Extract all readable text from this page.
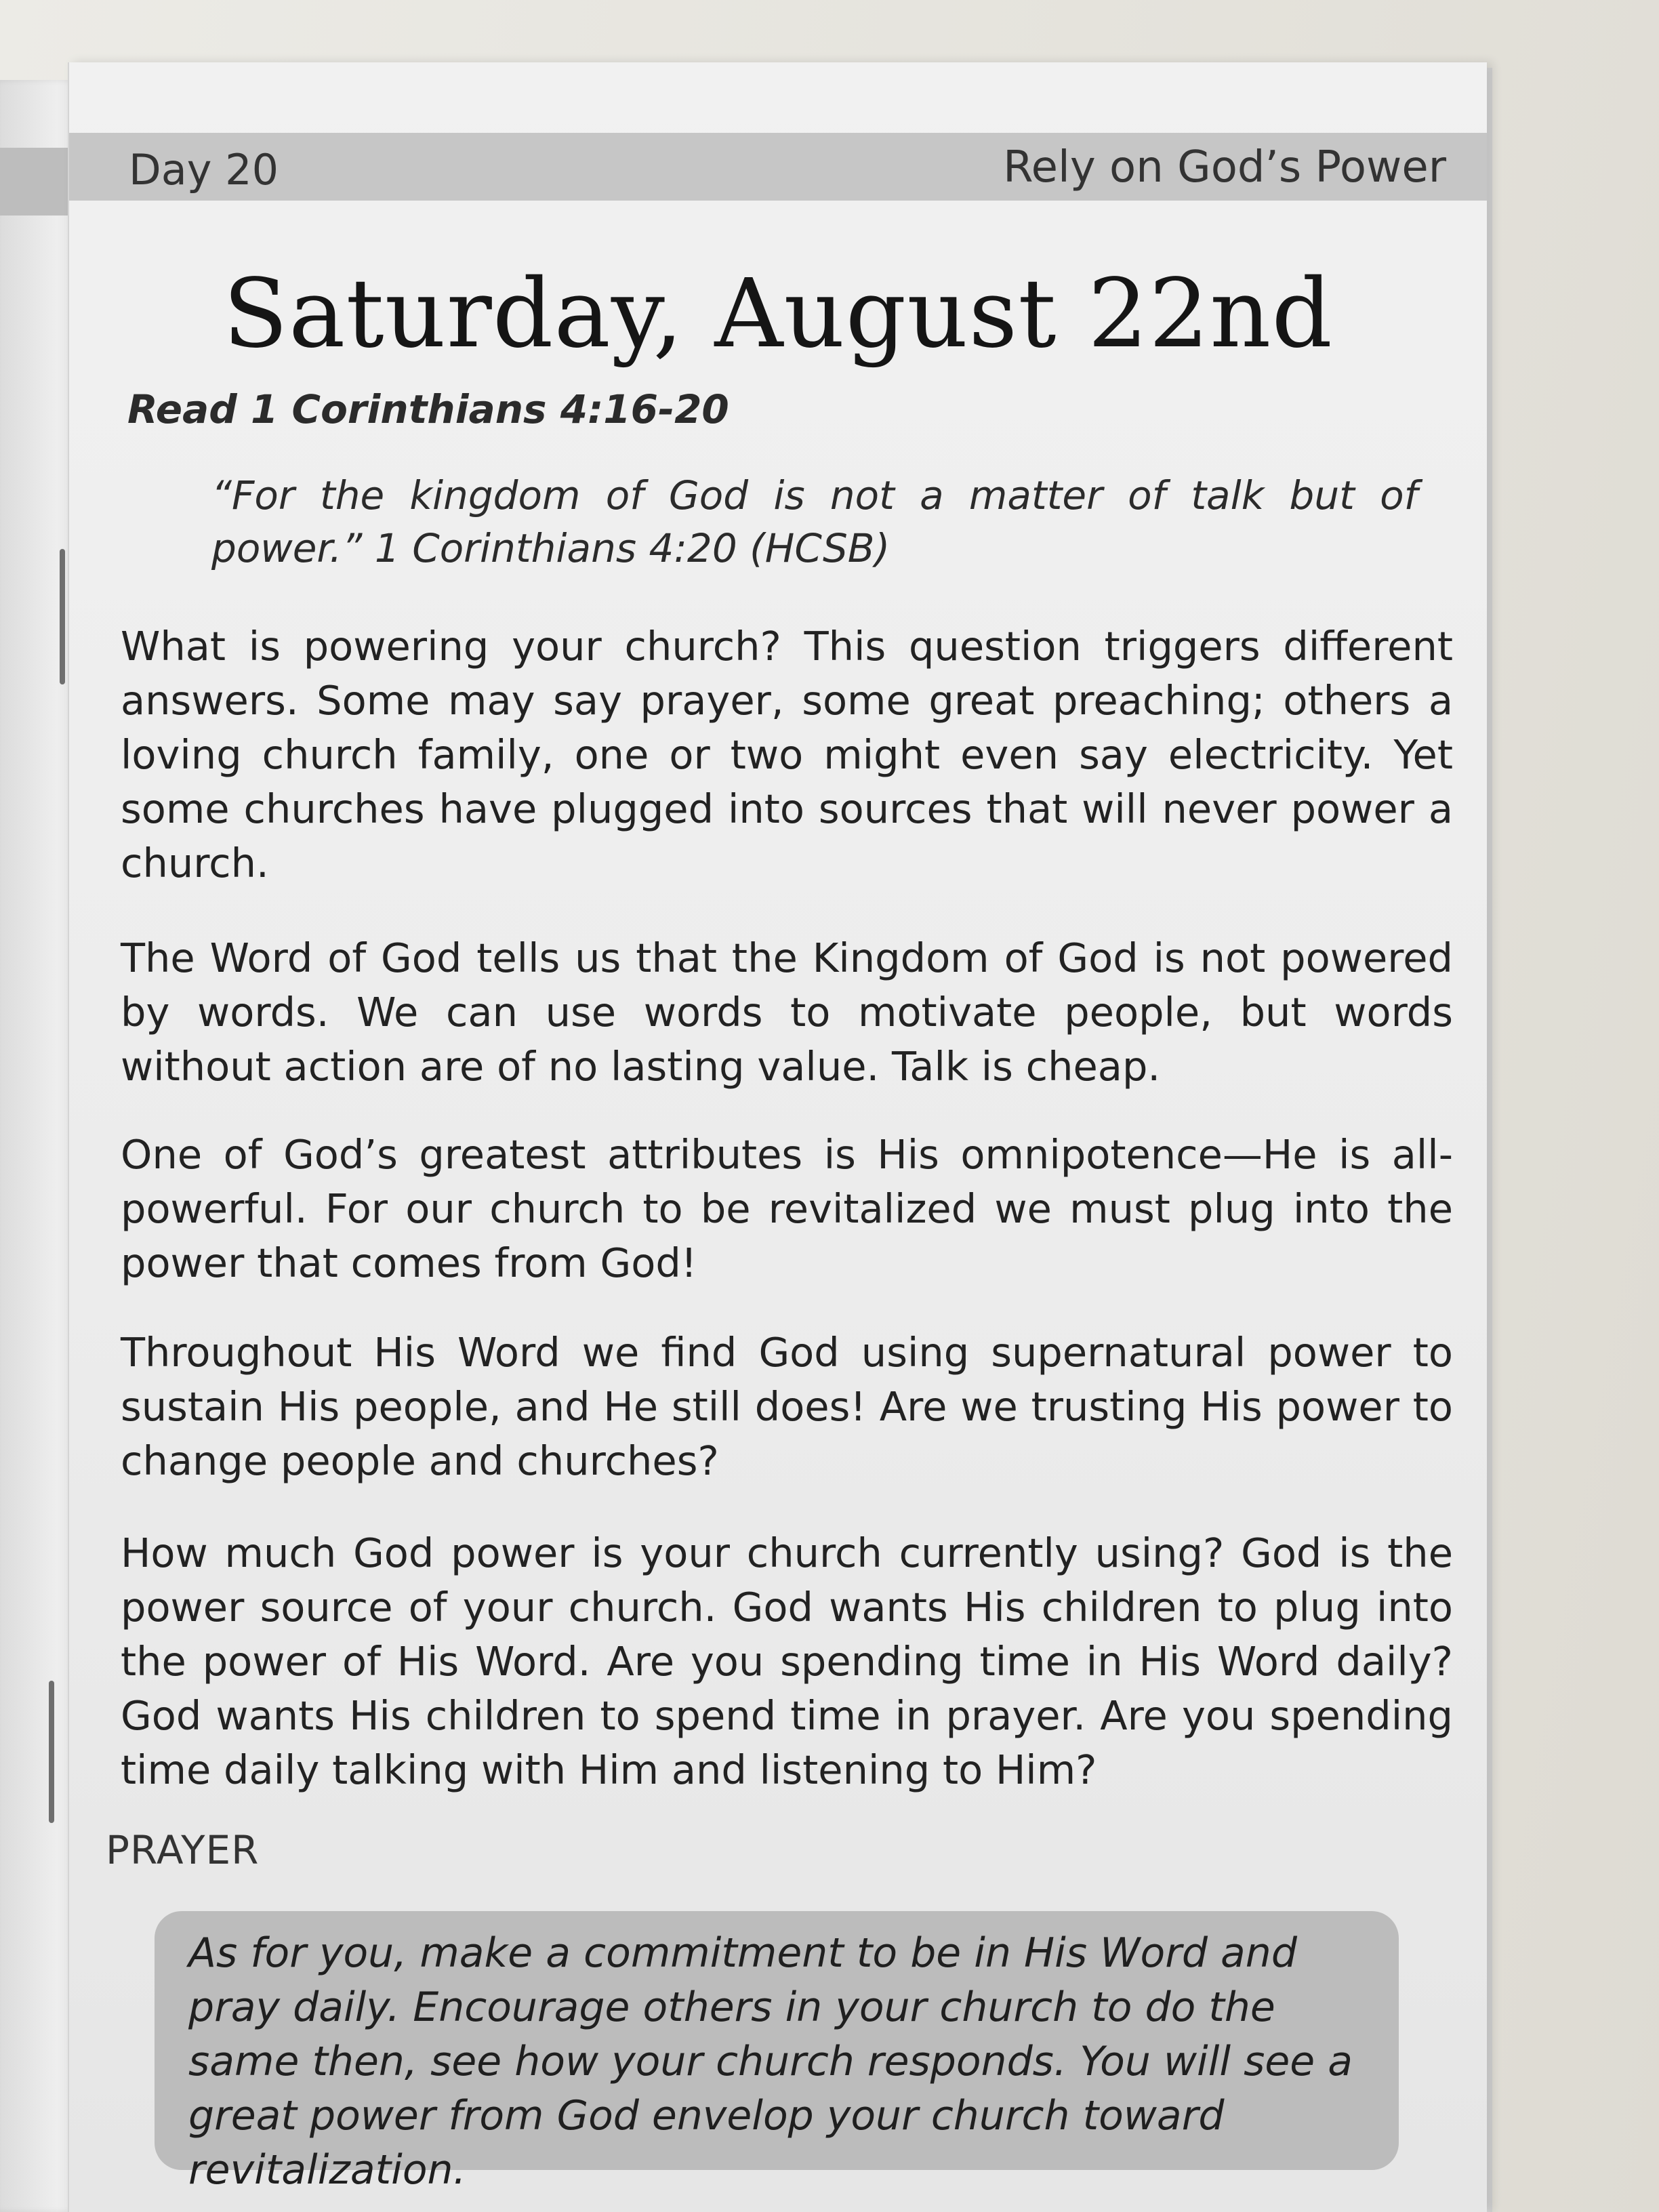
Day 20	Rely on God’s Power
Saturday, August 22nd
Read 1 Corinthians 4:16-20
“For the kingdom of God is not a matter of talk but of power.” 1 Corinthians 4:20 (HCSB)
What is powering your church? This question triggers different answers. Some may say prayer, some great preaching; others a loving church family, one or two might even say electricity. Yet some churches have plugged into sources that will never power a church.
The Word of God tells us that the Kingdom of God is not powered by words. We can use words to motivate people, but words without action are of no lasting value. Talk is cheap.
One of God’s greatest attributes is His omnipotence—He is all-powerful. For our church to be revitalized we must plug into the power that comes from God!
Throughout His Word we find God using supernatural power to sustain His people, and He still does! Are we trusting His power to change people and churches?
How much God power is your church currently using? God is the power source of your church. God wants His children to plug into the power of His Word. Are you spending time in His Word daily? God wants His children to spend time in prayer. Are you spending time daily talking with Him and listening to Him?
PRAYER
As for you, make a commitment to be in His Word and pray daily. Encourage others in your church to do the same then, see how your church responds. You will see a great power from God envelop your church toward revitalization.
